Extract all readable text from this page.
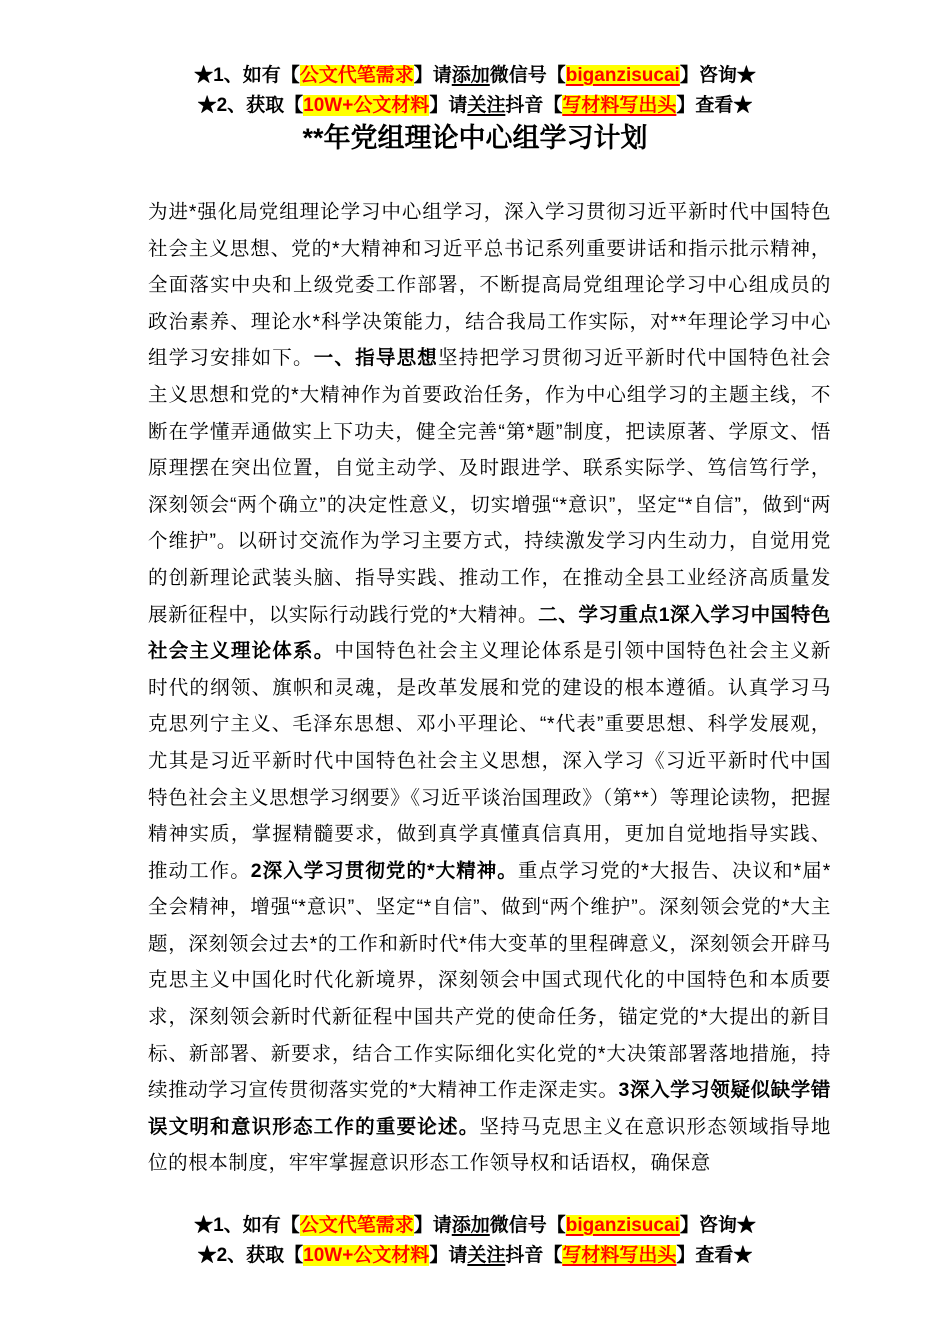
★1、如有【公文代笔需求】请添加微信号【biganzisucai】咨询★
★2、获取【10W+公文材料】请关注抖音【写材料写出头】查看★
**年党组理论中心组学习计划

为进*强化局党组理论学习中心组学习，深入学习贯彻习近平新时代中国特色社会主义思想、党的*大精神和习近平总书记系列重要讲话和指示批示精神，全面落实中央和上级党委工作部署，不断提高局党组理论学习中心组成员的政治素养、理论水*科学决策能力，结合我局工作实际，对**年理论学习中心组学习安排如下。一、指导思想坚持把学习贯彻习近平新时代中国特色社会主义思想和党的*大精神作为首要政治任务，作为中心组学习的主题主线，不断在学懂弄通做实上下功夫，健全完善“第*题”制度，把读原著、学原文、悟原理摆在突出位置，自觉主动学、及时跟进学、联系实际学、笃信笃行学，深刻领会“两个确立”的决定性意义，切实增强“*意识”，坚定“*自信”，做到“两个维护”。以研讨交流作为学习主要方式，持续激发学习内生动力，自觉用党的创新理论武装头脑、指导实践、推动工作，在推动全县工业经济高质量发展新征程中，以实际行动践行党的*大精神。二、学习重点1深入学习中国特色社会主义理论体系。中国特色社会主义理论体系是引领中国特色社会主义新时代的纲领、旗帜和灵魂，是改革发展和党的建设的根本遵循。认真学习马克思列宁主义、毛泽东思想、邓小平理论、“*代表”重要思想、科学发展观，尤其是习近平新时代中国特色社会主义思想，深入学习《习近平新时代中国特色社会主义思想学习纲要》《习近平谈治国理政》（第**）等理论读物，把握精神实质，掌握精髓要求，做到真学真懂真信真用，更加自觉地指导实践、推动工作。2深入学习贯彻党的*大精神。重点学习党的*大报告、决议和*届*全会精神，增强“*意识”、坚定“*自信”、做到“两个维护”。深刻领会党的*大主题，深刻领会过去*的工作和新时代*伟大变革的里程碑意义，深刻领会开辟马克思主义中国化时代化新境界，深刻领会中国式现代化的中国特色和本质要求，深刻领会新时代新征程中国共产党的使命任务，锚定党的*大提出的新目标、新部署、新要求，结合工作实际细化实化党的*大决策部署落地措施，持续推动学习宣传贯彻落实党的*大精神工作走深走实。3深入学习领疑似缺学错误文明和意识形态工作的重要论述。坚持马克思主义在意识形态领域指导地位的根本制度，牢牢掌握意识形态工作领导权和话语权，确保意

★1、如有【公文代笔需求】请添加微信号【biganzisucai】咨询★
★2、获取【10W+公文材料】请关注抖音【写材料写出头】查看★
